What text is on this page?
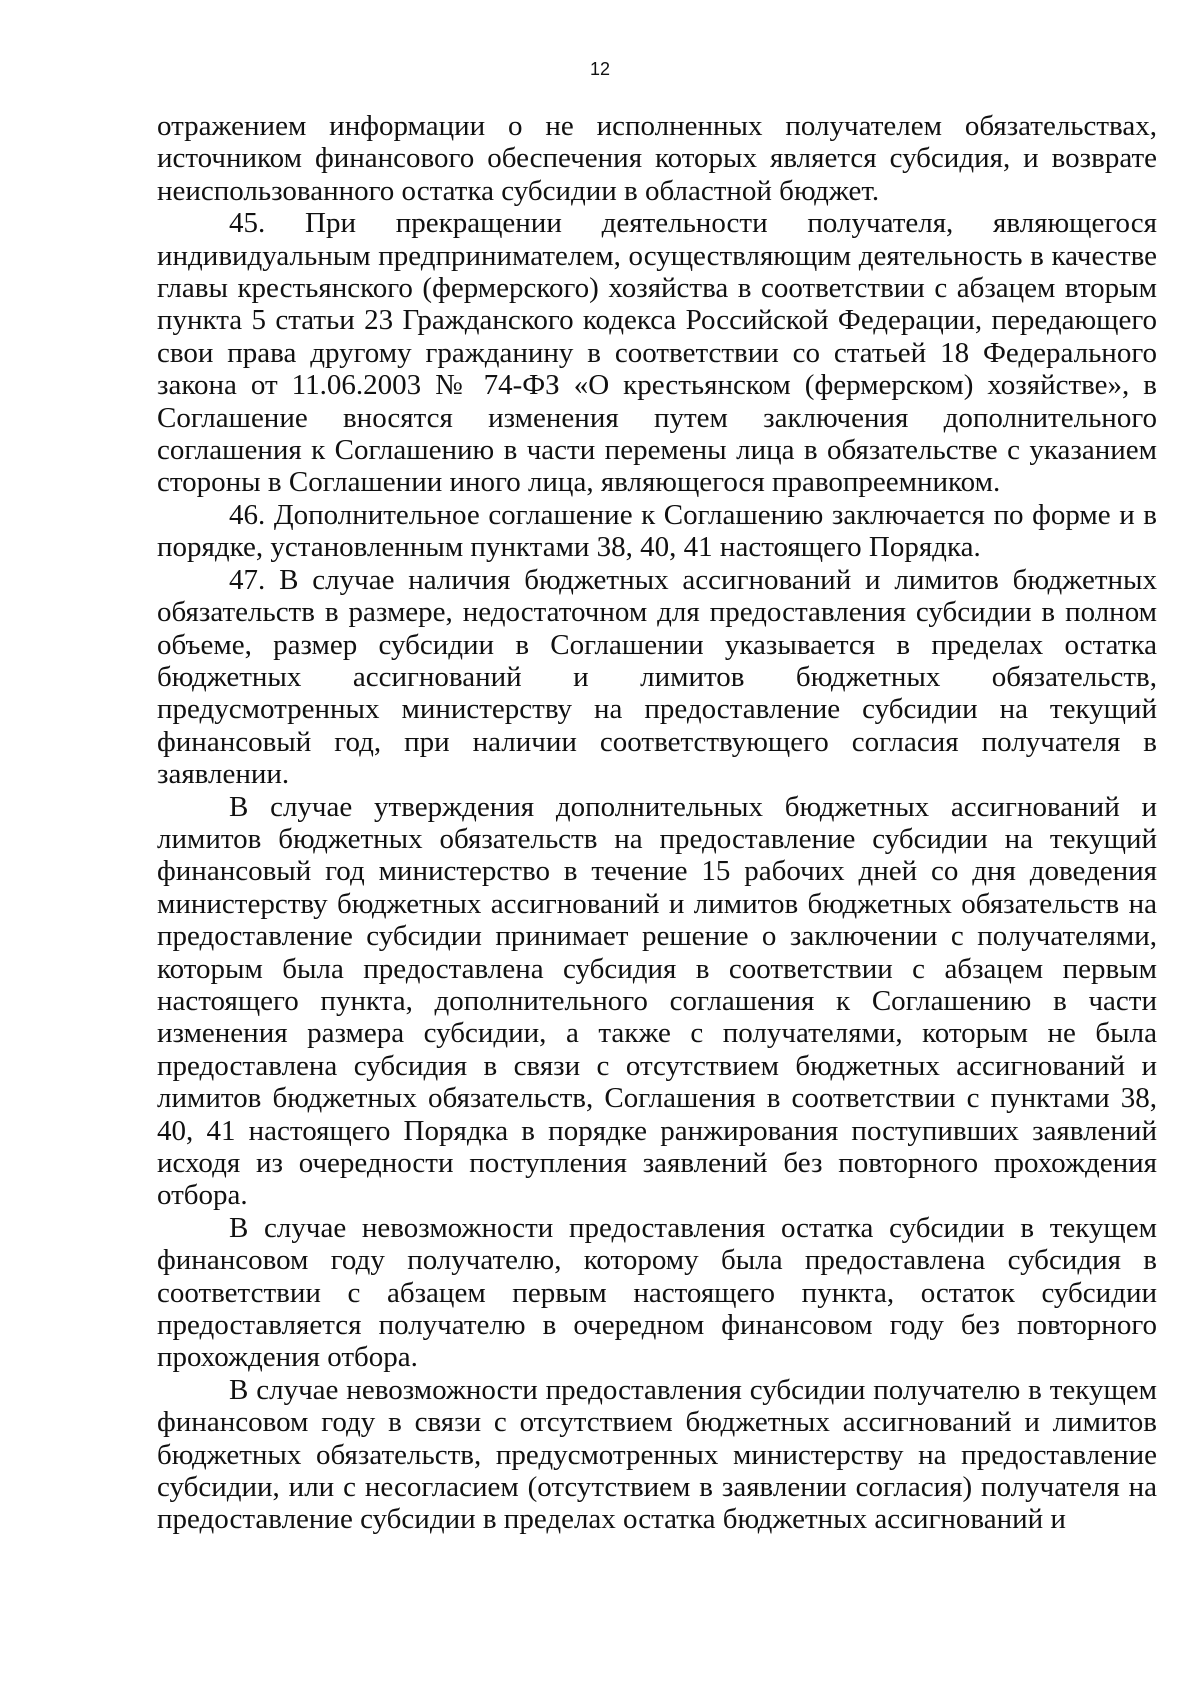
12

отражением информации о не исполненных получателем обязательствах, источником финансового обеспечения которых является субсидия, и возврате неиспользованного остатка субсидии в областной бюджет.

45. При прекращении деятельности получателя, являющегося индивидуальным предпринимателем, осуществляющим деятельность в качестве главы крестьянского (фермерского) хозяйства в соответствии с абзацем вторым пункта 5 статьи 23 Гражданского кодекса Российской Федерации, передающего свои права другому гражданину в соответствии со статьей 18 Федерального закона от 11.06.2003 № 74-ФЗ «О крестьянском (фермерском) хозяйстве», в Соглашение вносятся изменения путем заключения дополнительного соглашения к Соглашению в части перемены лица в обязательстве с указанием стороны в Соглашении иного лица, являющегося правопреемником.

46. Дополнительное соглашение к Соглашению заключается по форме и в порядке, установленным пунктами 38, 40, 41 настоящего Порядка.

47. В случае наличия бюджетных ассигнований и лимитов бюджетных обязательств в размере, недостаточном для предоставления субсидии в полном объеме, размер субсидии в Соглашении указывается в пределах остатка бюджетных ассигнований и лимитов бюджетных обязательств, предусмотренных министерству на предоставление субсидии на текущий финансовый год, при наличии соответствующего согласия получателя в заявлении.

В случае утверждения дополнительных бюджетных ассигнований и лимитов бюджетных обязательств на предоставление субсидии на текущий финансовый год министерство в течение 15 рабочих дней со дня доведения министерству бюджетных ассигнований и лимитов бюджетных обязательств на предоставление субсидии принимает решение о заключении с получателями, которым была предоставлена субсидия в соответствии с абзацем первым настоящего пункта, дополнительного соглашения к Соглашению в части изменения размера субсидии, а также с получателями, которым не была предоставлена субсидия в связи с отсутствием бюджетных ассигнований и лимитов бюджетных обязательств, Соглашения в соответствии с пунктами 38, 40, 41 настоящего Порядка в порядке ранжирования поступивших заявлений исходя из очередности поступления заявлений без повторного прохождения отбора.

В случае невозможности предоставления остатка субсидии в текущем финансовом году получателю, которому была предоставлена субсидия в соответствии с абзацем первым настоящего пункта, остаток субсидии предоставляется получателю в очередном финансовом году без повторного прохождения отбора.

В случае невозможности предоставления субсидии получателю в текущем финансовом году в связи с отсутствием бюджетных ассигнований и лимитов бюджетных обязательств, предусмотренных министерству на предоставление субсидии, или с несогласием (отсутствием в заявлении согласия) получателя на предоставление субсидии в пределах остатка бюджетных ассигнований и
